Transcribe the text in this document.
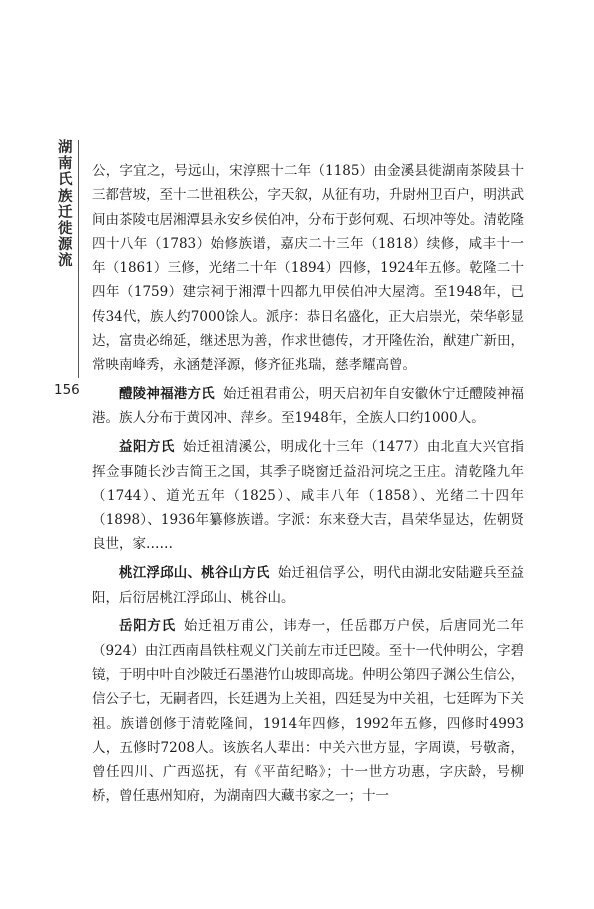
湖南氏族迁徙源流
156

公，字宜之，号远山，宋淳熙十二年（1185）由金溪县徙湖南茶陵县十三都营坡，至十二世祖秩公，字天叙，从征有功，升尉州卫百户，明洪武间由茶陵屯居湘潭县永安乡侯伯冲，分布于彭何观、石坝冲等处。清乾隆四十八年（1783）始修族谱，嘉庆二十三年（1818）续修，咸丰十一年（1861）三修，光绪二十年（1894）四修，1924年五修。乾隆二十四年（1759）建宗祠于湘潭十四都九甲侯伯冲大屋湾。至1948年，已传34代，族人约7000馀人。派序：恭日名盛化，正大启崇光，荣华彰显达，富贵必绵延，继述思为善，作求世德传，才开隆佐治，猷建广新田，常映南峰秀，永涵楚泽源，修齐征兆瑞，慈孝耀高曾。

醴陵神福港方氏 始迁祖君甫公，明天启初年自安徽休宁迁醴陵神福港。族人分布于黄冈冲、萍乡。至1948年，全族人口约1000人。

益阳方氏 始迁祖清溪公，明成化十三年（1477）由北直大兴官指挥佥事随长沙吉简王之国，其季子晓窗迁益沿河垸之王庄。清乾隆九年（1744）、道光五年（1825）、咸丰八年（1858）、光绪二十四年（1898）、1936年纂修族谱。字派：东来登大吉，昌荣华显达，佐朝贤良世，家……

桃江浮邱山、桃谷山方氏 始迁祖信孚公，明代由湖北安陆避兵至益阳，后衍居桃江浮邱山、桃谷山。

岳阳方氏 始迁祖万甫公，讳寿一，任岳郡万户侯，后唐同光二年（924）由江西南昌铁柱观义门关前左市迁巴陵。至十一代仲明公，字碧镜，于明中叶自沙陂迁石墨港竹山坡即高垅。仲明公第四子渊公生信公，信公子七，无嗣者四，长廷遇为上关祖，四廷旻为中关祖，七廷晖为下关祖。族谱创修于清乾隆间，1914年四修，1992年五修，四修时4993人，五修时7208人。该族名人辈出：中关六世方显，字周谟，号敬斋，曾任四川、广西巡抚，有《平苗纪略》；十一世方功惠，字庆龄，号柳桥，曾任惠州知府，为湖南四大藏书家之一；十一
